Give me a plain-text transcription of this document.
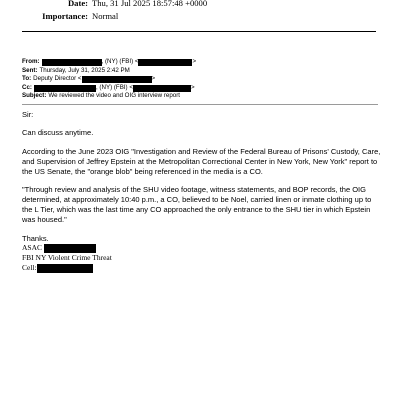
Date: Thu, 31 Jul 2025 18:57:48 +0000
Importance: Normal
From:	, (NY) (FBI) <	>
Sent: Thursday, July 31, 2025 2:42 PM
To: Deputy Director <	>
Cc:	, (NY) (FBI) <	>
Subject: We reviewed the video and OIG interview report

Sir:

Can discuss anytime.

According to the June 2023 OIG "Investigation and Review of the Federal Bureau of Prisons' Custody, Care, and Supervision of Jeffrey Epstein at the Metropolitan Correctional Center in New York, New York" report to the US Senate, the "orange blob" being referenced in the media is a CO.

"Through review and analysis of the SHU video footage, witness statements, and BOP records, the OIG determined, at approximately 10:40 p.m., a CO, believed to be Noel, carried linen or inmate clothing up to the L Tier, which was the last time any CO approached the only entrance to the SHU tier in which Epstein was housed."

Thanks.

ASAC
FBI NY Violent Crime Threat
Cell:
